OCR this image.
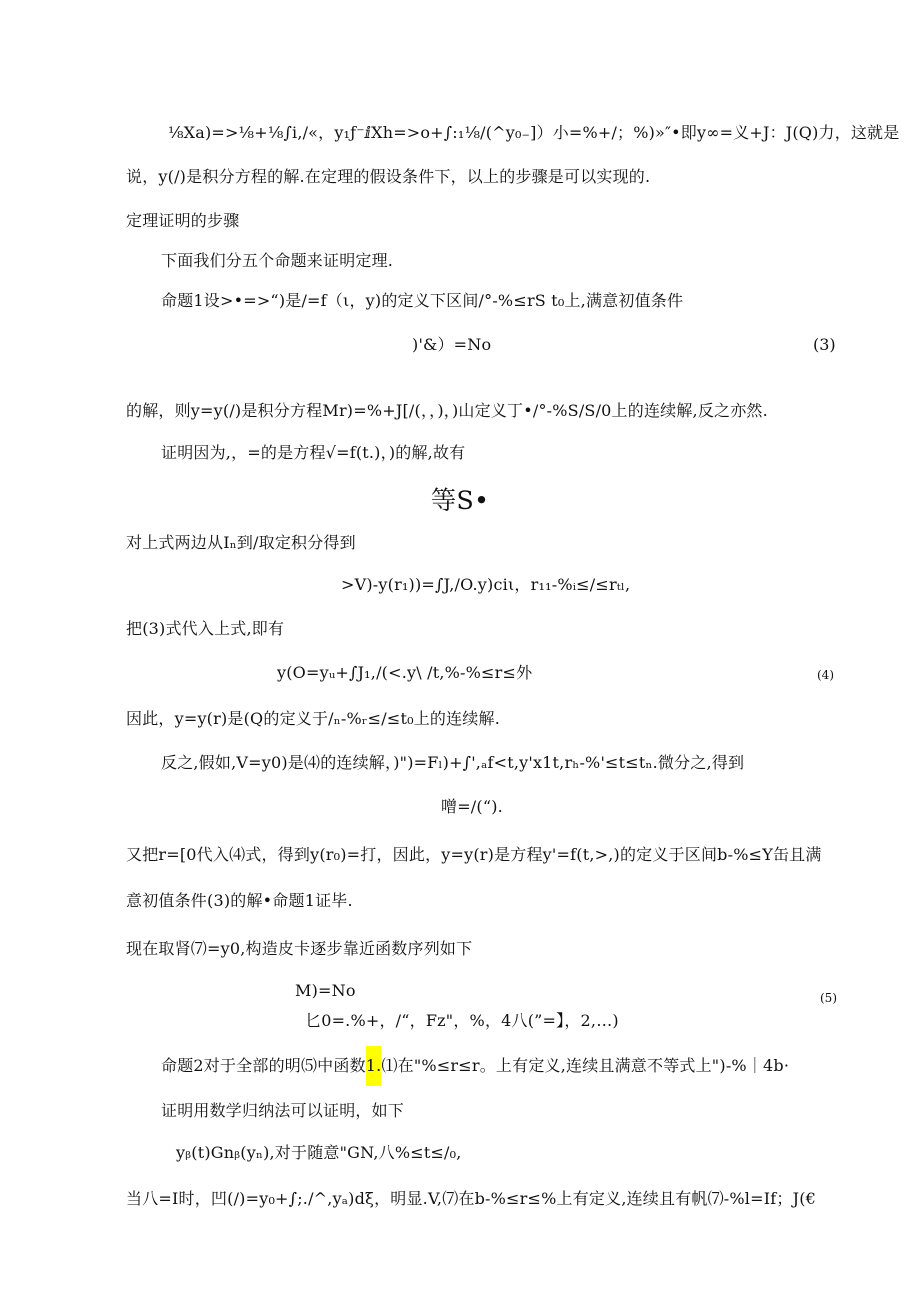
⅛Xa)=>⅛+⅛∫i,/«，y₁ƒ⁻ⅈXh=>o+∫:₁⅛/(^y₀₋]）小=%+/；%)»″•即y∞=义+J：J(Q)力，这就是
说，y(/)是积分方程的解.在定理的假设条件下，以上的步骤是可以实现的.
定理证明的步骤
下面我们分五个命题来证明定理.
命题1设>•=>“)是/=f（ι，y)的定义下区间/°-%≤rS t₀上,满意初值条件
)'&）=No	(3)
的解，则y=y(/)是积分方程Mr)=%+J[/(，，)，)山定义丁•/°-%S/S/0上的连续解,反之亦然.
证明因为,，=的是方程√=f(t.)，)的解,故有
等S•
对上式两边从Iₙ到/取定积分得到
>V)-y(r₁))=∫J,/O.y)ciι，r₁₁-%ᵢ≤/≤rₜₗ,
把(3)式代入上式,即有
y(O=yᵤ+∫J₁,/(<.y\ /t,%-%≤r≤外	(4)
因此，y=y(r)是(Q的定义于/ₙ-%ᵣ≤/≤t₀上的连续解.
反之,假如,V=y0)是⑷的连续解，)")=Fₗ)+∫',ₐf<t,y'x1t,rₕ-%'≤t≤tₙ.微分之,得到
噌=/(“).
又把r=[0代入⑷式，得到y(r₀)=打，因此，y=y(r)是方程y'=f(t,>,)的定义于区间b-%≤Y缶且满
意初值条件(3)的解•命题1证毕.
现在取肾⑺=y0,构造皮卡逐步靠近函数序列如下
M)=No	(5)
匕0=.%+，/“，Fz"，%，4八(”=】，2,…)
命题2对于全部的明⑸中函数1.⑴在"%≤r≤r。上有定义,连续且满意不等式上")-%｜4b·
证明用数学归纳法可以证明，如下
yᵦ(t)Gnᵦ(yₙ),对于随意"GN,八%≤t≤/₀,
当八=I时，凹(/)=y₀+∫;./^,yₐ)dξ，明显.V,⑺在b-%≤r≤%上有定义,连续且有帆⑺-%l=If；J(€
